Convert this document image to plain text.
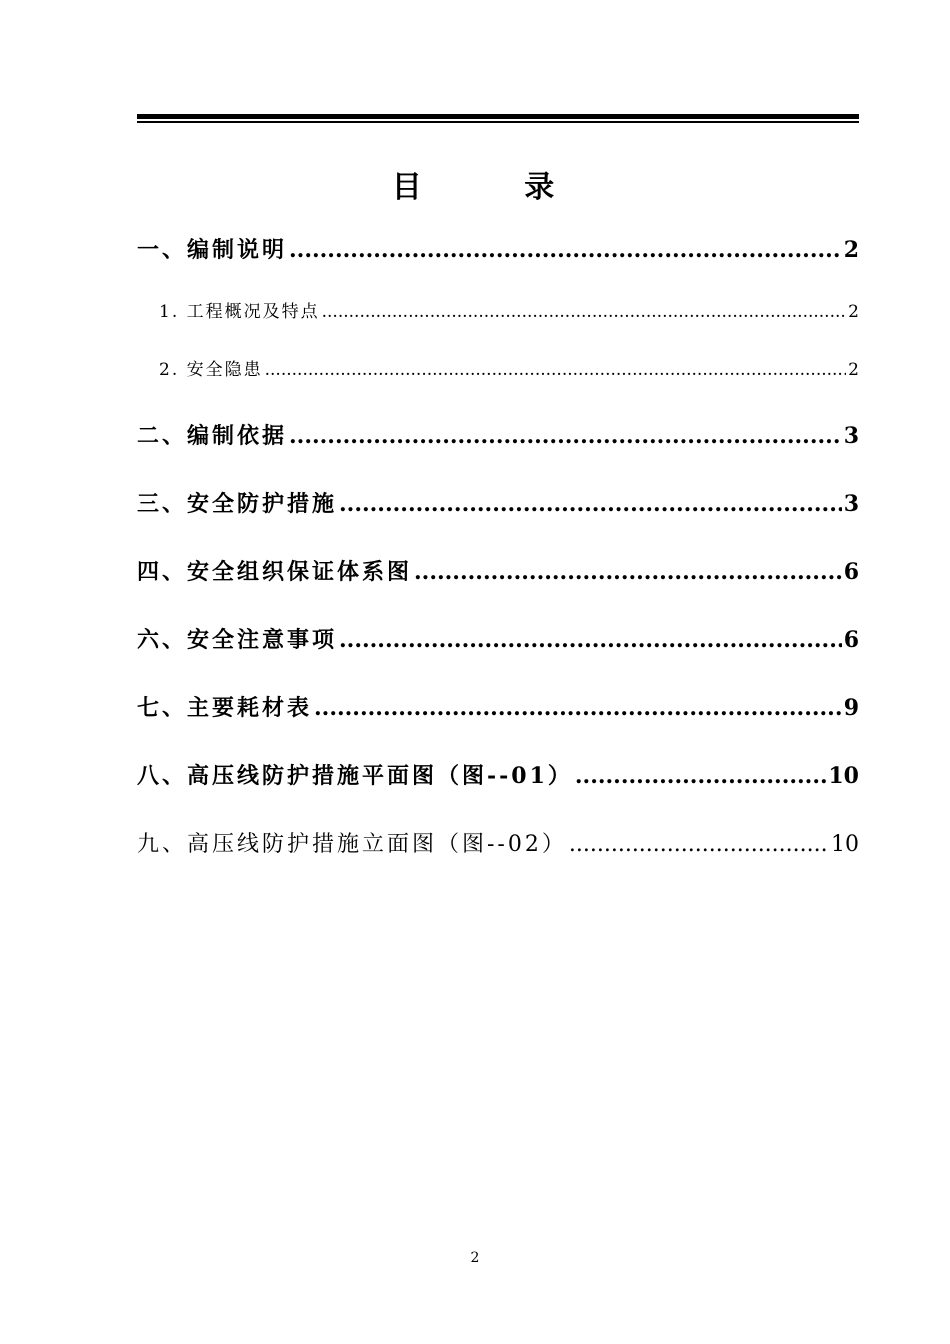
目 录
一、编制说明 .....	2
1. 工程概况及特点 .....	2
2. 安全隐患 .....	2
二、编制依据 .....	3
三、安全防护措施 .....	3
四、安全组织保证体系图 .....	6
六、安全注意事项 .....	6
七、主要耗材表 .....	9
八、高压线防护措施平面图（图--01） .....	10
九、高压线防护措施立面图（图--02） .....	10
2
